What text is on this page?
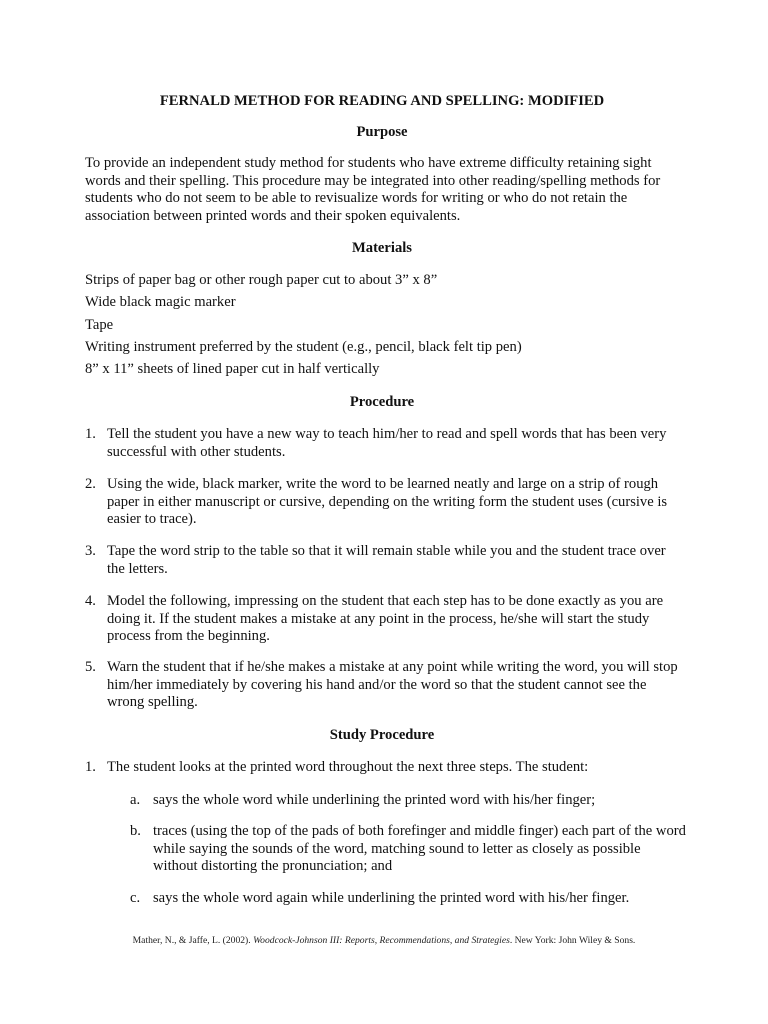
FERNALD METHOD FOR READING AND SPELLING: MODIFIED
Purpose

To provide an independent study method for students who have extreme difficulty retaining sight words and their spelling. This procedure may be integrated into other reading/spelling methods for students who do not seem to be able to revisualize words for writing or who do not retain the association between printed words and their spoken equivalents.

Materials
Strips of paper bag or other rough paper cut to about 3” x 8”
Wide black magic marker
Tape
Writing instrument preferred by the student (e.g., pencil, black felt tip pen)
8” x 11” sheets of lined paper cut in half vertically
Procedure
1. Tell the student you have a new way to teach him/her to read and spell words that has been very successful with other students.
2. Using the wide, black marker, write the word to be learned neatly and large on a strip of rough paper in either manuscript or cursive, depending on the writing form the student uses (cursive is easier to trace).
3. Tape the word strip to the table so that it will remain stable while you and the student trace over the letters.
4. Model the following, impressing on the student that each step has to be done exactly as you are doing it. If the student makes a mistake at any point in the process, he/she will start the study process from the beginning.
5. Warn the student that if he/she makes a mistake at any point while writing the word, you will stop him/her immediately by covering his hand and/or the word so that the student cannot see the wrong spelling.
Study Procedure
1. The student looks at the printed word throughout the next three steps. The student:
a. says the whole word while underlining the printed word with his/her finger;
b. traces (using the top of the pads of both forefinger and middle finger) each part of the word while saying the sounds of the word, matching sound to letter as closely as possible without distorting the pronunciation; and
c. says the whole word again while underlining the printed word with his/her finger.
Mather, N., & Jaffe, L. (2002). Woodcock-Johnson III: Reports, Recommendations, and Strategies. New York: John Wiley & Sons.
